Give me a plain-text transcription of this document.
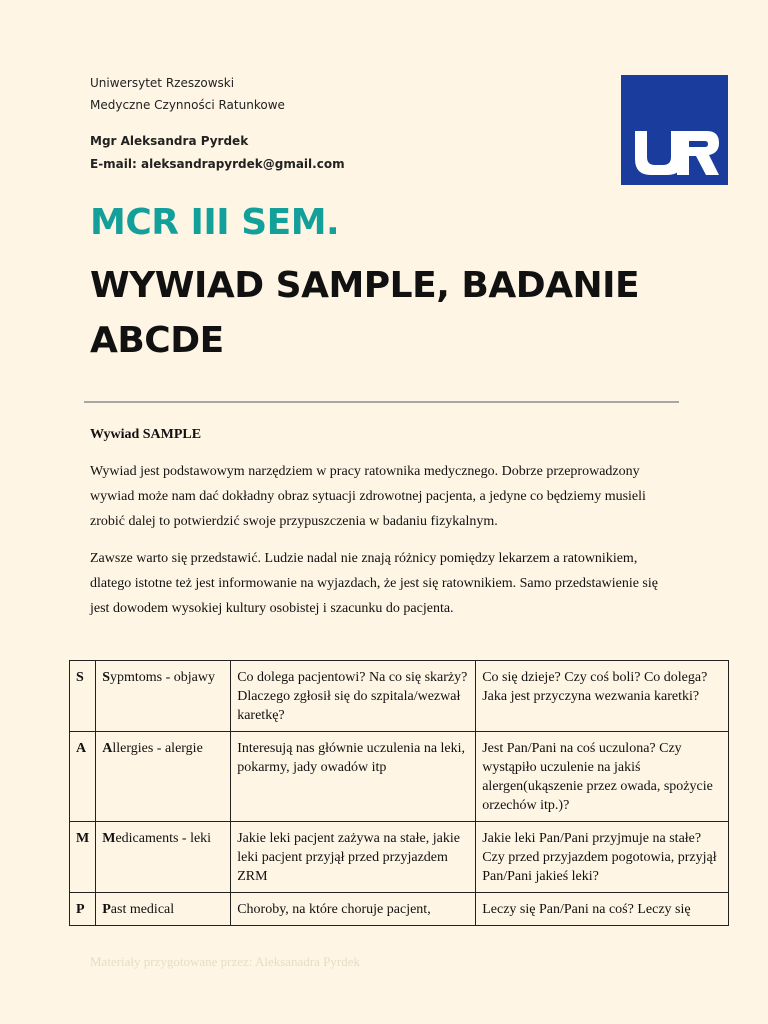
Uniwersytet Rzeszowski
Medyczne Czynności Ratunkowe
Mgr Aleksandra Pyrdek
E-mail: aleksandrapyrdek@gmail.com
MCR III SEM.
WYWIAD SAMPLE, BADANIE ABCDE
Wywiad SAMPLE
Wywiad jest podstawowym narzędziem w pracy ratownika medycznego. Dobrze przeprowadzony wywiad może nam dać dokładny obraz sytuacji zdrowotnej pacjenta, a jedyne co będziemy musieli zrobić dalej to potwierdzić swoje przypuszczenia w badaniu fizykalnym.
Zawsze warto się przedstawić. Ludzie nadal nie znają różnicy pomiędzy lekarzem a ratownikiem, dlatego istotne też jest informowanie na wyjazdach, że jest się ratownikiem. Samo przedstawienie się jest dowodem wysokiej kultury osobistej i szacunku do pacjenta.
S	Sypmtoms - objawy	Co dolega pacjentowi? Na co się skarży? Dlaczego zgłosił się do szpitala/wezwał karetkę?	Co się dzieje? Czy coś boli? Co dolega? Jaka jest przyczyna wezwania karetki?
A	Allergies - alergie	Interesują nas głównie uczulenia na leki, pokarmy, jady owadów itp	Jest Pan/Pani na coś uczulona? Czy wystąpiło uczulenie na jakiś alergen(ukąszenie przez owada, spożycie orzechów itp.)?
M	Medicaments - leki	Jakie leki pacjent zażywa na stałe, jakie leki pacjent przyjął przed przyjazdem ZRM	Jakie leki Pan/Pani przyjmuje na stałe? Czy przed przyjazdem pogotowia, przyjął Pan/Pani jakieś leki?
P	Past medical	Choroby, na które choruje pacjent,	Leczy się Pan/Pani na coś? Leczy się
Materiały przygotowane przez: Aleksanadra Pyrdek
